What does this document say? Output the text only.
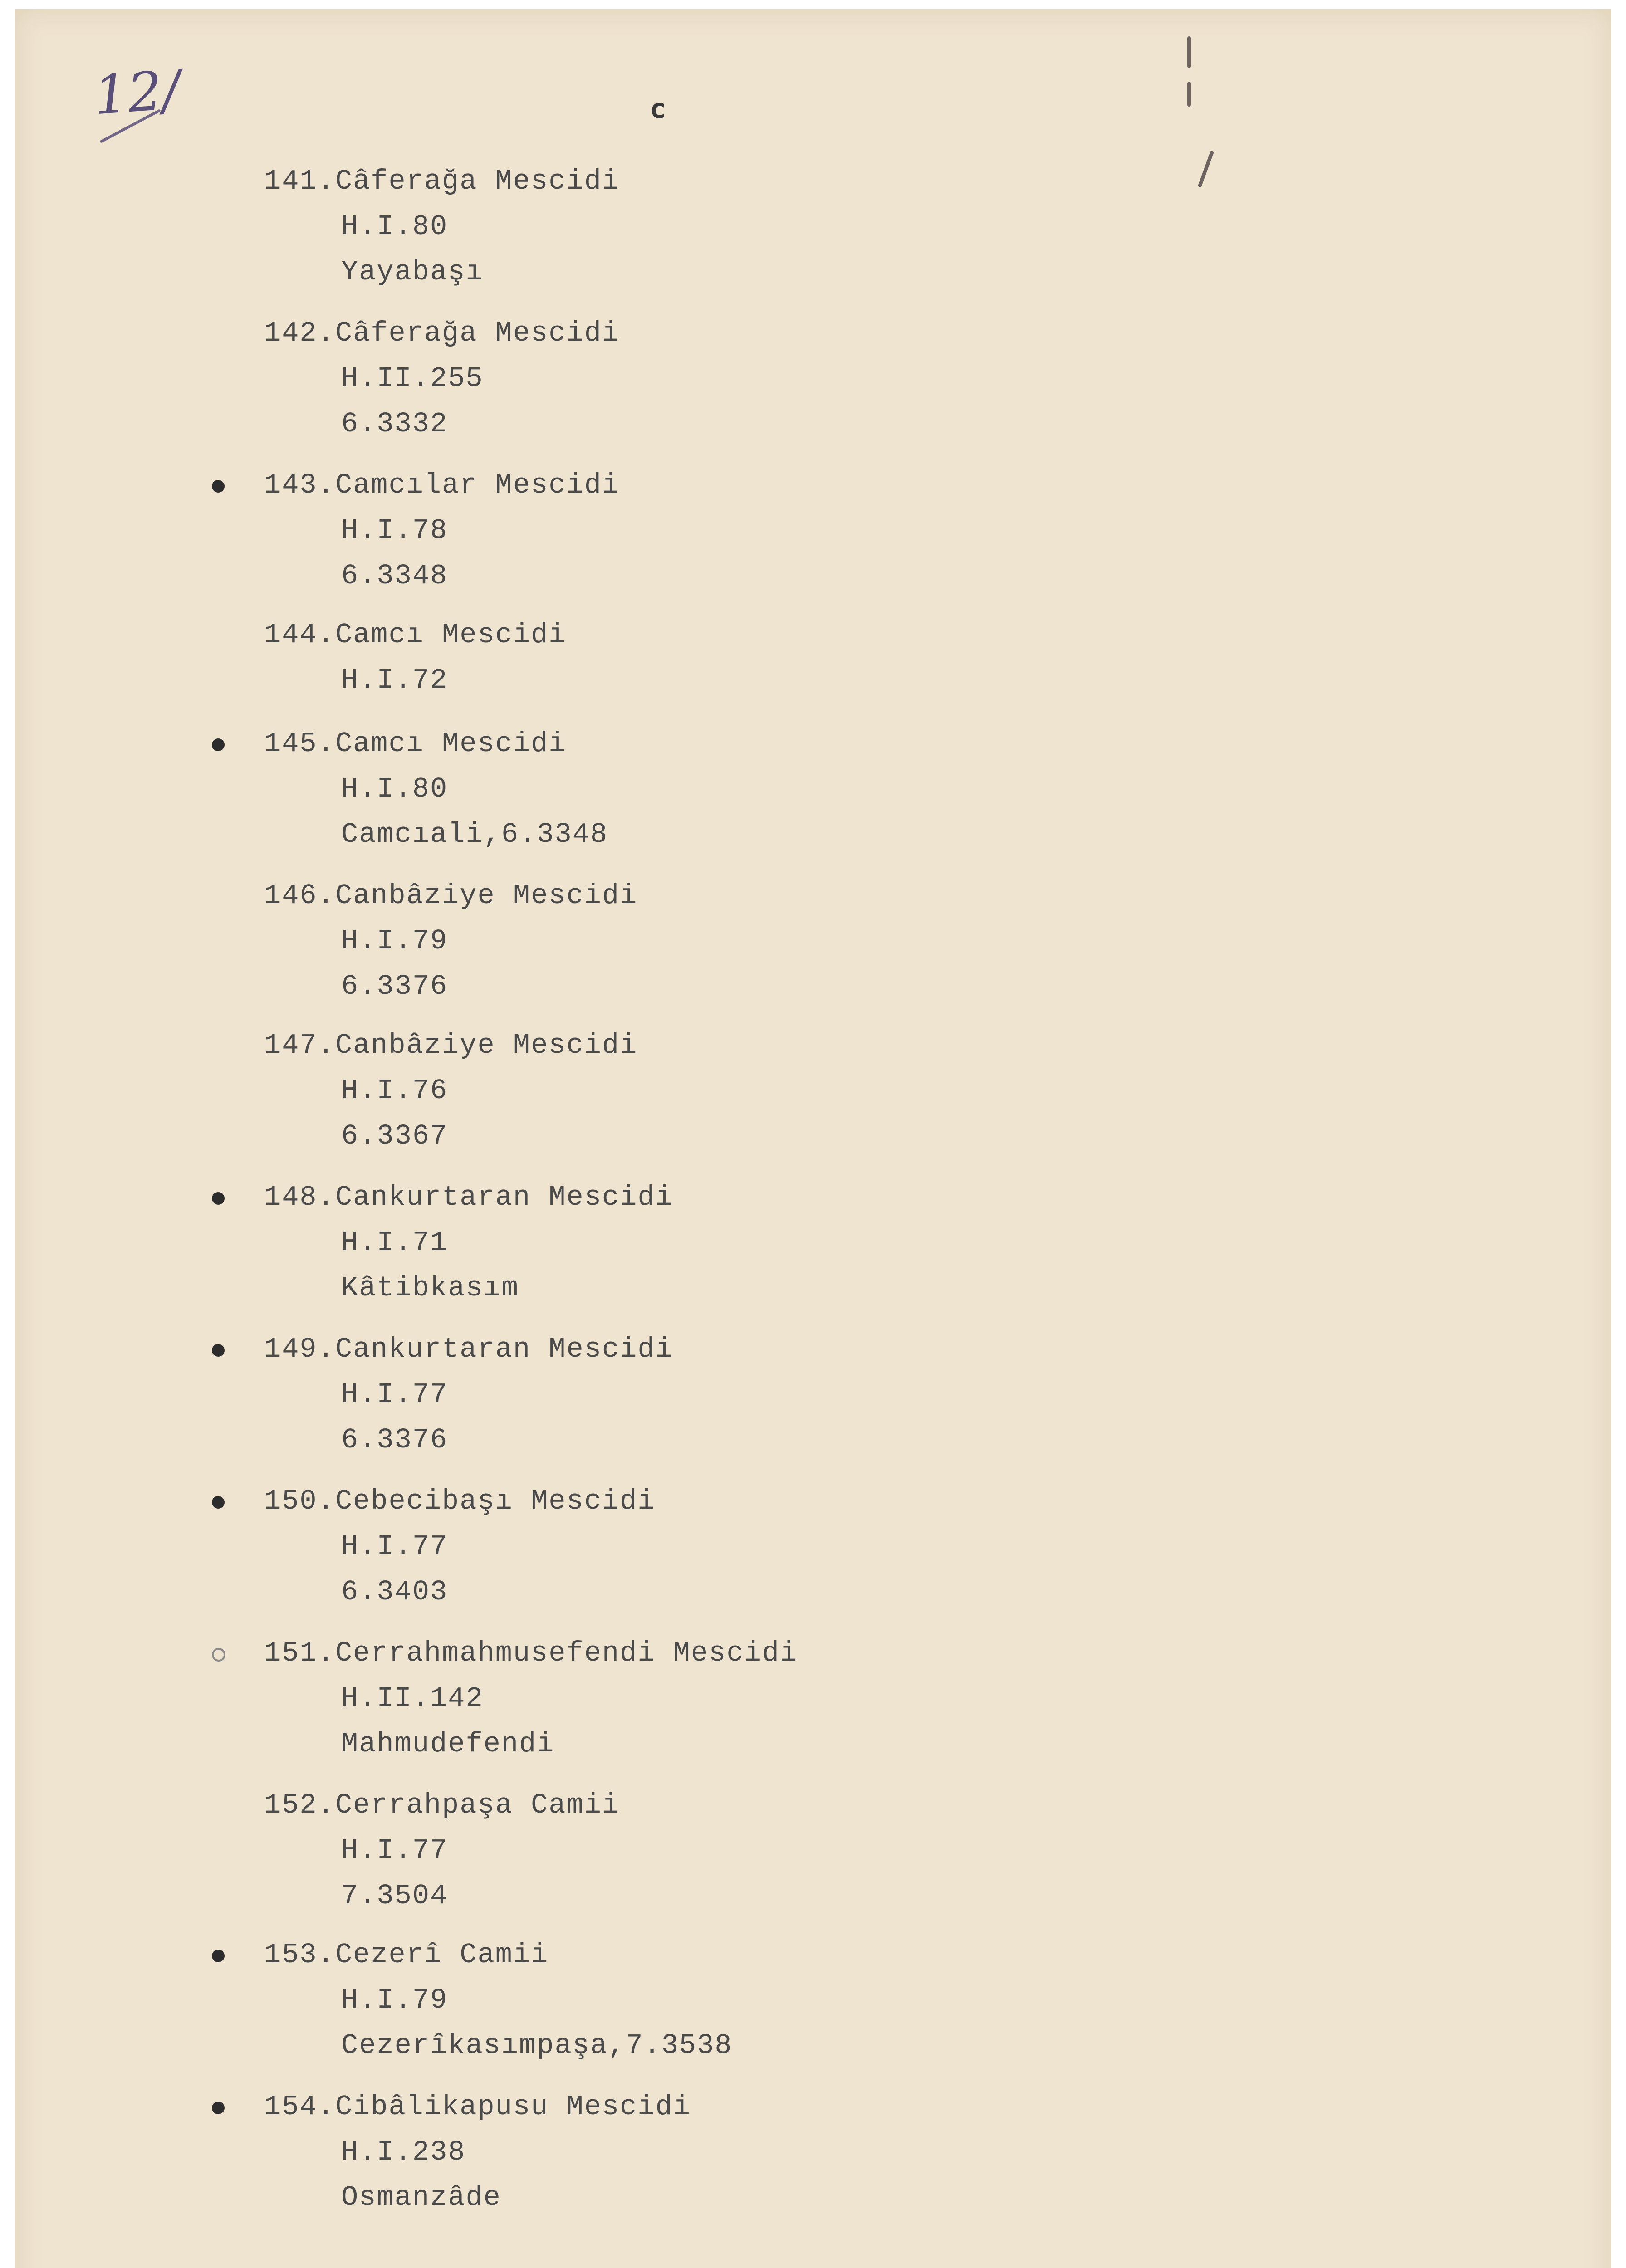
12/	c
141.Câferağa Mescidi
H.I.80
Yayabaşı
142.Câferağa Mescidi
H.II.255
6.3332
143.Camcılar Mescidi
H.I.78
6.3348
144.Camcı Mescidi
H.I.72
145.Camcı Mescidi
H.I.80
Camcıali,6.3348
146.Canbâziye Mescidi
H.I.79
6.3376
147.Canbâziye Mescidi
H.I.76
6.3367
148.Cankurtaran Mescidi
H.I.71
Kâtibkasım
149.Cankurtaran Mescidi
H.I.77
6.3376
150.Cebecibaşı Mescidi
H.I.77
6.3403
151.Cerrahmahmusefendi Mescidi
H.II.142
Mahmudefendi
152.Cerrahpaşa Camii
H.I.77
7.3504
153.Cezerî Camii
H.I.79
Cezerîkasımpaşa,7.3538
154.Cibâlikapusu Mescidi
H.I.238
Osmanzâde
